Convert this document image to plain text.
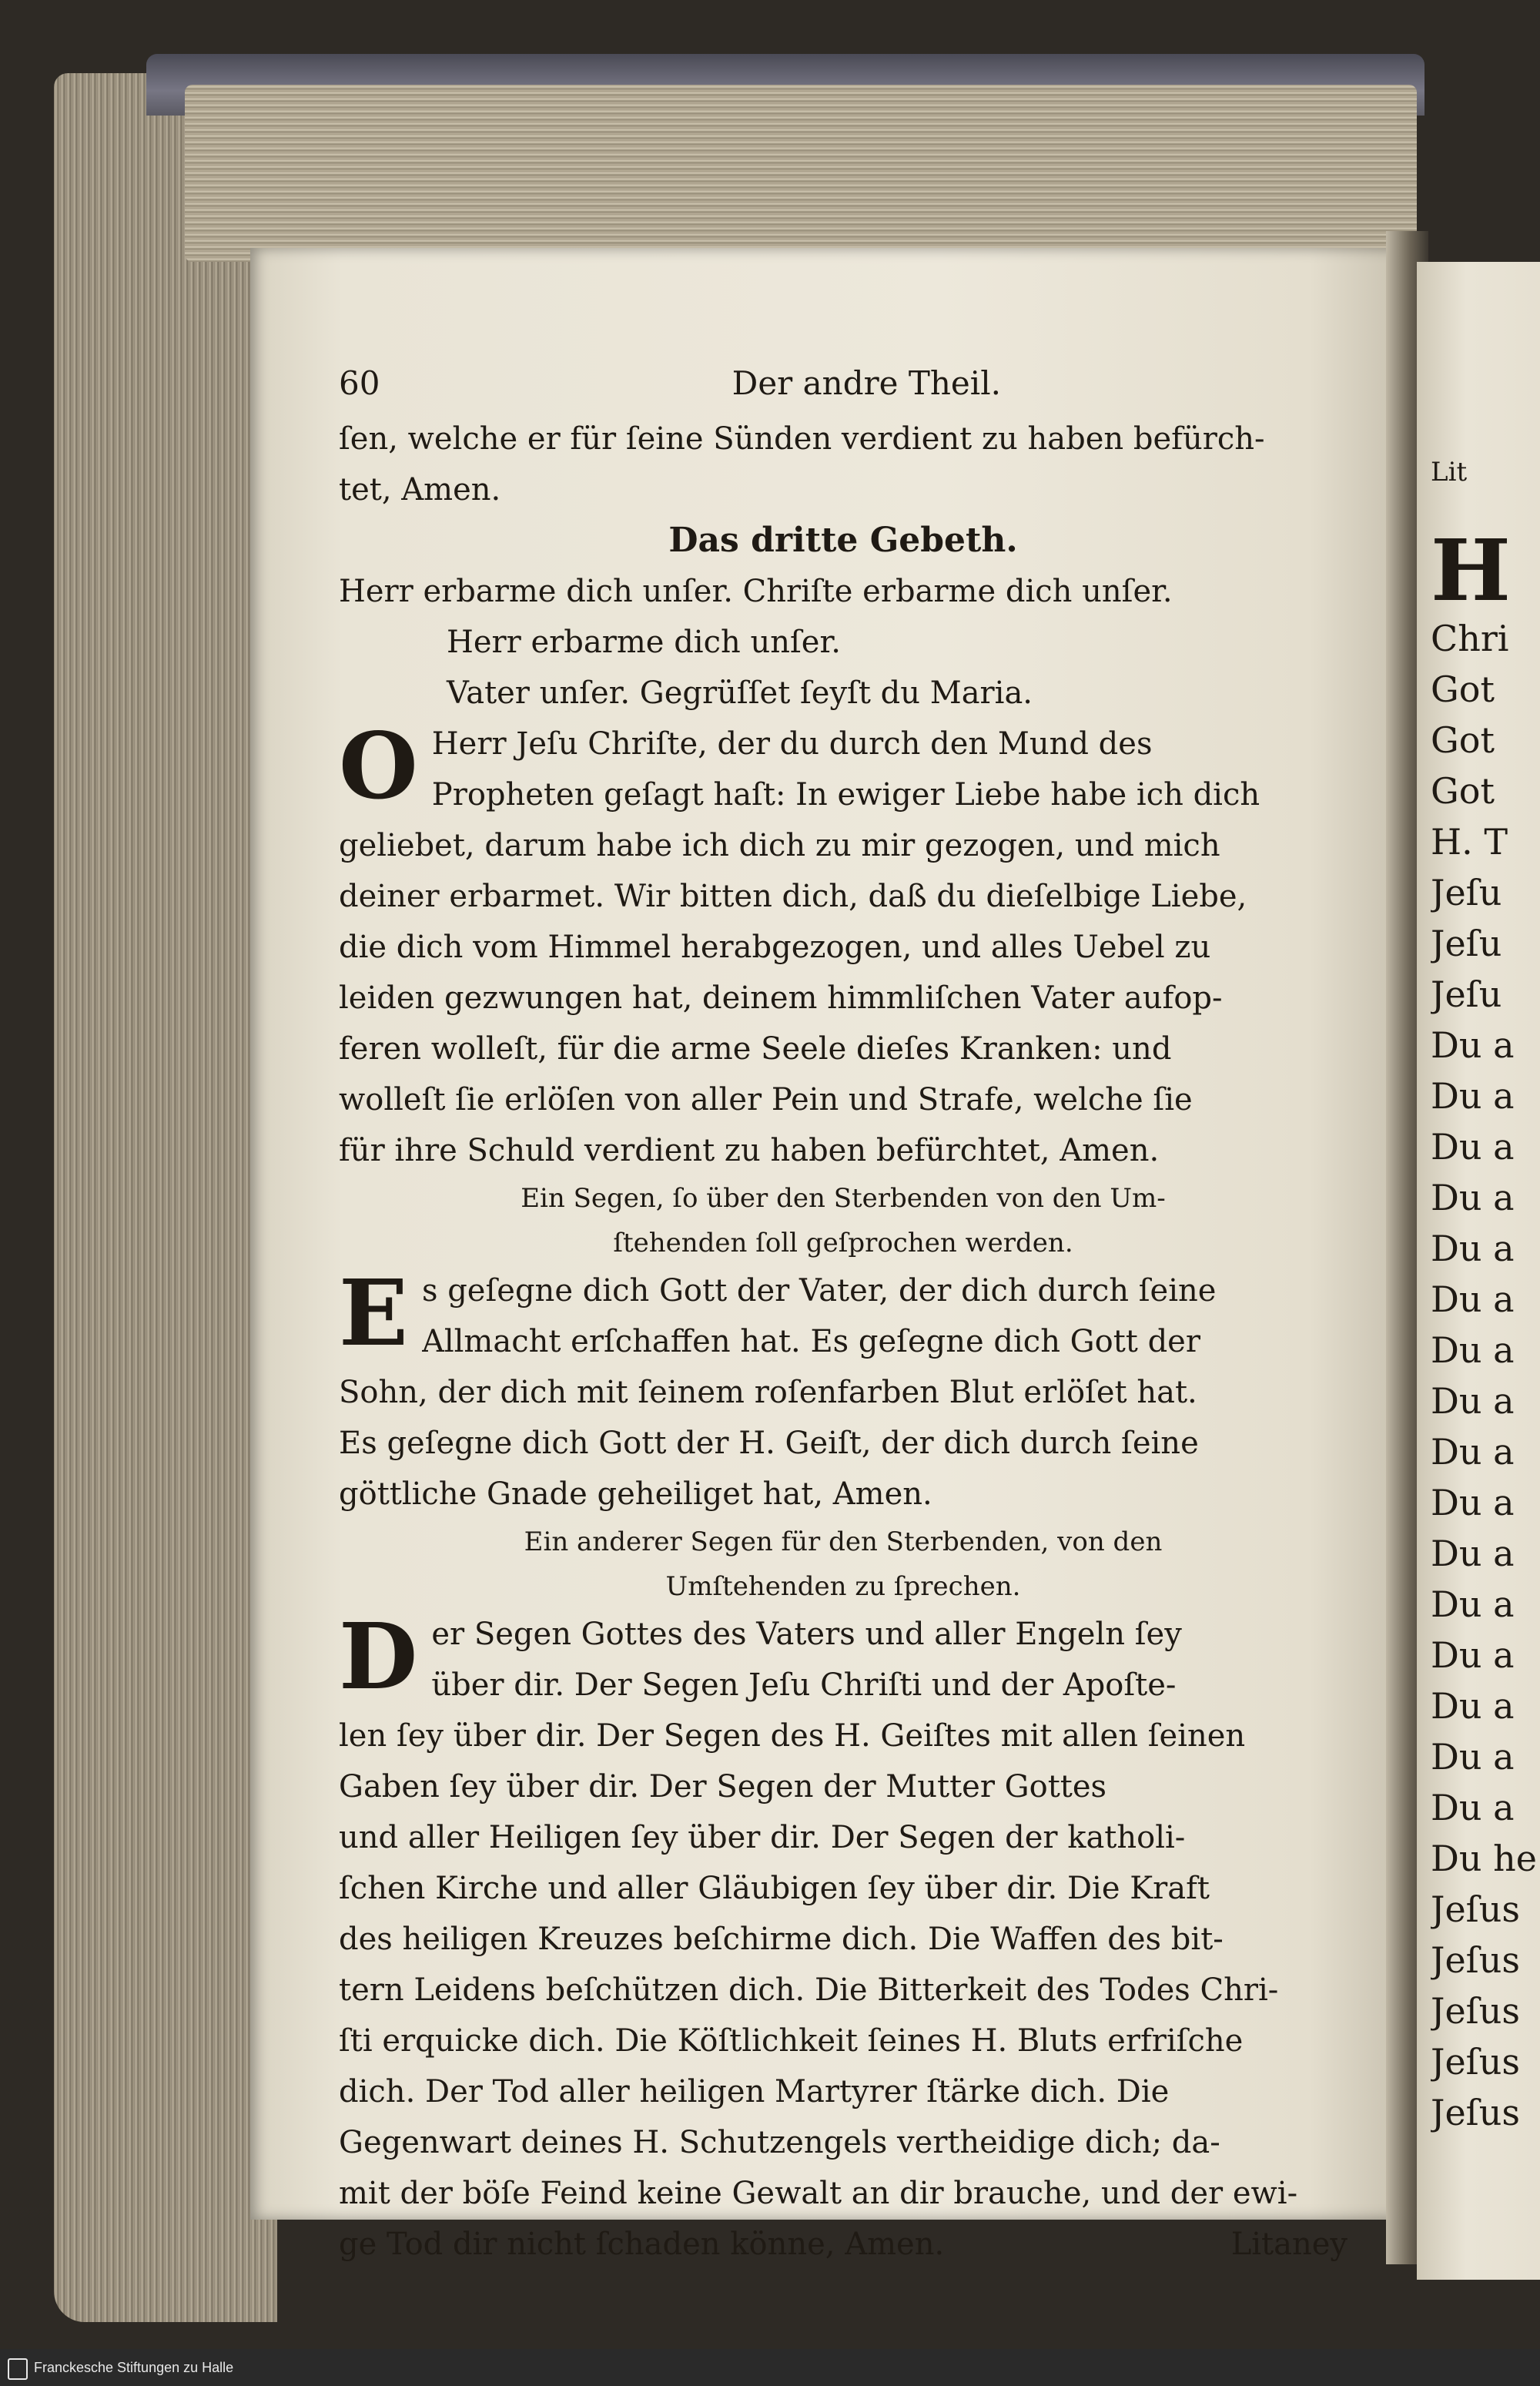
60	Der andre Theil.
ſen, welche er für ſeine Sünden verdient zu haben befürch-
tet, Amen.
Das dritte Gebeth.
Herr erbarme dich unſer. Chriſte erbarme dich unſer.
Herr erbarme dich unſer.
Vater unſer. Gegrüſſet ſeyſt du Maria.
O Herr Jeſu Chriſte, der du durch den Mund des
Propheten geſagt haſt: In ewiger Liebe habe ich dich
geliebet, darum habe ich dich zu mir gezogen, und mich
deiner erbarmet. Wir bitten dich, daß du dieſelbige Liebe,
die dich vom Himmel herabgezogen, und alles Uebel zu
leiden gezwungen hat, deinem himmliſchen Vater aufop-
feren wolleſt, für die arme Seele dieſes Kranken: und
wolleſt ſie erlöſen von aller Pein und Strafe, welche ſie
für ihre Schuld verdient zu haben befürchtet, Amen.
Ein Segen, ſo über den Sterbenden von den Um-
ſtehenden ſoll geſprochen werden.
E s geſegne dich Gott der Vater, der dich durch ſeine
Allmacht erſchaffen hat. Es geſegne dich Gott der
Sohn, der dich mit ſeinem roſenfarben Blut erlöſet hat.
Es geſegne dich Gott der H. Geiſt, der dich durch ſeine
göttliche Gnade geheiliget hat, Amen.
Ein anderer Segen für den Sterbenden, von den
Umſtehenden zu ſprechen.
D er Segen Gottes des Vaters und aller Engeln ſey
über dir. Der Segen Jeſu Chriſti und der Apoſte-
len ſey über dir. Der Segen des H. Geiſtes mit allen ſeinen
Gaben ſey über dir. Der Segen der Mutter Gottes
und aller Heiligen ſey über dir. Der Segen der katholi-
ſchen Kirche und aller Gläubigen ſey über dir. Die Kraft
des heiligen Kreuzes beſchirme dich. Die Waffen des bit-
tern Leidens beſchützen dich. Die Bitterkeit des Todes Chri-
ſti erquicke dich. Die Köſtlichkeit ſeines H. Bluts erfriſche
dich. Der Tod aller heiligen Martyrer ſtärke dich. Die
Gegenwart deines H. Schutzengels vertheidige dich; da-
mit der böſe Feind keine Gewalt an dir brauche, und der ewi-
ge Tod dir nicht ſchaden könne, Amen.	Litaney
Lit
H
Chri
Got
Got
Got
H. T
Jeſu
Jeſu
Jeſu
Du a
Du a
Du a
Du a
Du a
Du a
Du a
Du a
Du a
Du a
Du a
Du a
Du a
Du a
Du a
Du a
Du he
Jeſus
Jeſus
Jeſus
Jeſus
Jeſus
Franckesche Stiftungen zu Halle
